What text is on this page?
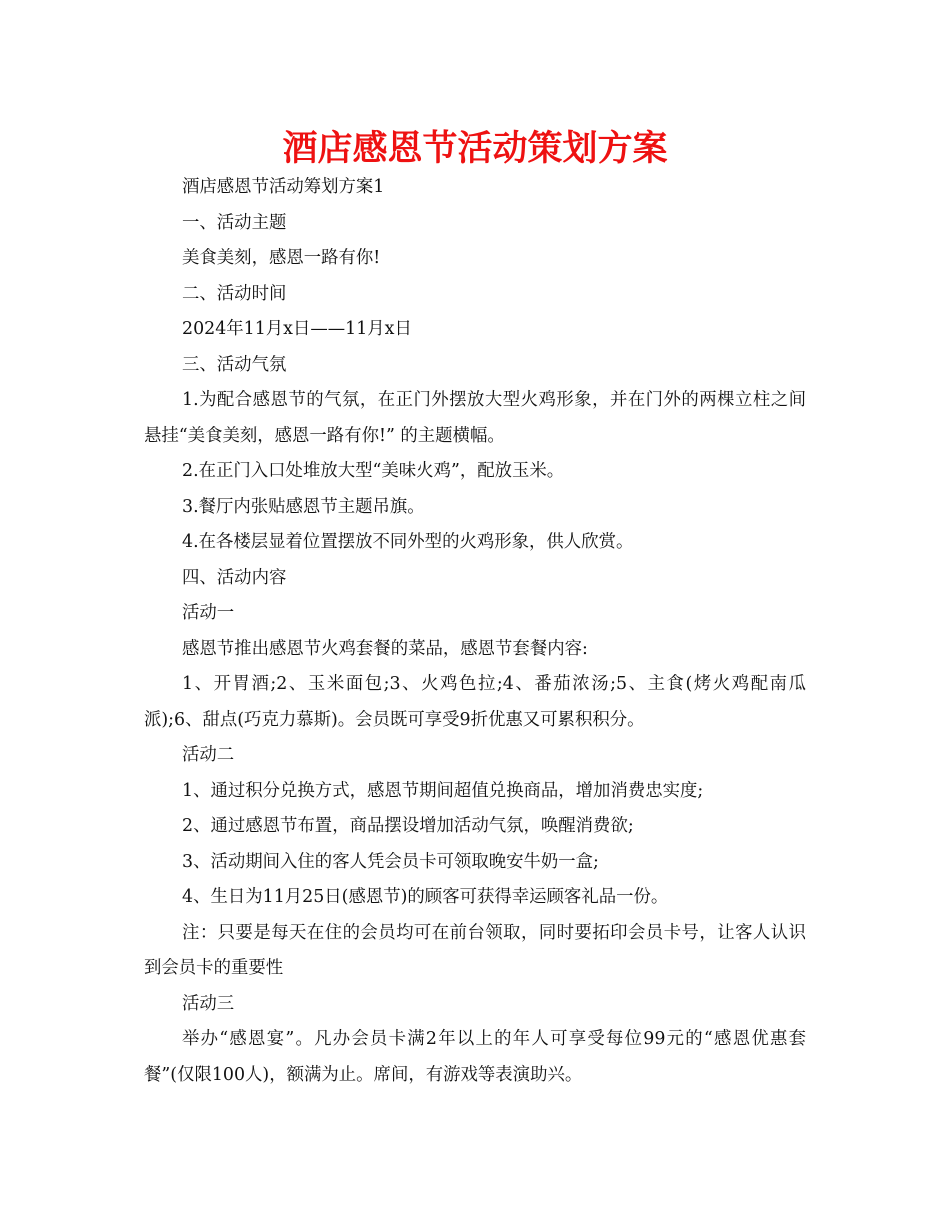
酒店感恩节活动策划方案

酒店感恩节活动筹划方案1

一、活动主题

美食美刻，感恩一路有你!

二、活动时间

2024年11月x日——11月x日

三、活动气氛

1.为配合感恩节的气氛，在正门外摆放大型火鸡形象，并在门外的两棵立柱之间悬挂“美食美刻，感恩一路有你!” 的主题横幅。

2.在正门入口处堆放大型“美味火鸡”，配放玉米。

3.餐厅内张贴感恩节主题吊旗。

4.在各楼层显着位置摆放不同外型的火鸡形象，供人欣赏。

四、活动内容

活动一

感恩节推出感恩节火鸡套餐的菜品，感恩节套餐内容:

1、开胃酒;2、玉米面包;3、火鸡色拉;4、番茄浓汤;5、主食(烤火鸡配南瓜派);6、甜点(巧克力慕斯)。会员既可享受9折优惠又可累积积分。

活动二

1、通过积分兑换方式，感恩节期间超值兑换商品，增加消费忠实度;

2、通过感恩节布置，商品摆设增加活动气氛，唤醒消费欲;

3、活动期间入住的客人凭会员卡可领取晚安牛奶一盒;

4、生日为11月25日(感恩节)的顾客可获得幸运顾客礼品一份。

注：只要是每天在住的会员均可在前台领取，同时要拓印会员卡号，让客人认识到会员卡的重要性

活动三

举办“感恩宴”。凡办会员卡满2年以上的年人可享受每位99元的“感恩优惠套餐”(仅限100人)，额满为止。席间，有游戏等表演助兴。
